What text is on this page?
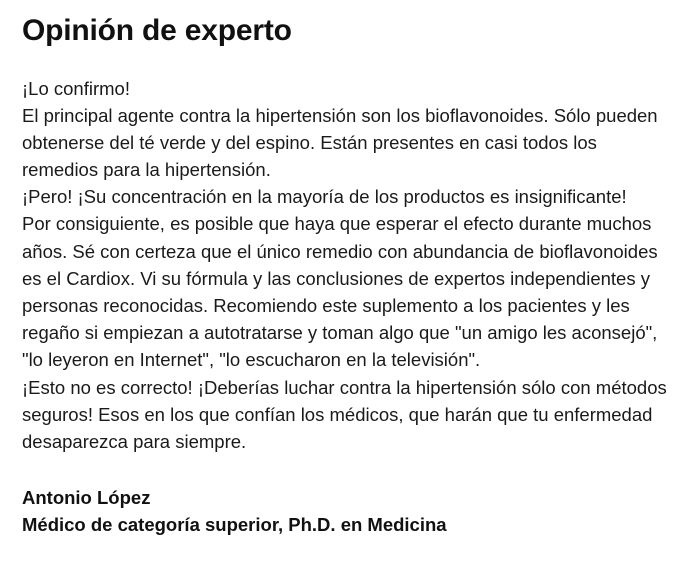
Opinión de experto

¡Lo confirmo!

El principal agente contra la hipertensión son los bioflavonoides. Sólo pueden obtenerse del té verde y del espino. Están presentes en casi todos los remedios para la hipertensión.

¡Pero! ¡Su concentración en la mayoría de los productos es insignificante!

Por consiguiente, es posible que haya que esperar el efecto durante muchos años. Sé con certeza que el único remedio con abundancia de bioflavonoides es el Cardiox. Vi su fórmula y las conclusiones de expertos independientes y personas reconocidas. Recomiendo este suplemento a los pacientes y les regaño si empiezan a autotratarse y toman algo que "un amigo les aconsejó", "lo leyeron en Internet", "lo escucharon en la televisión".

¡Esto no es correcto! ¡Deberías luchar contra la hipertensión sólo con métodos seguros! Esos en los que confían los médicos, que harán que tu enfermedad desaparezca para siempre.

Antonio López
Médico de categoría superior, Ph.D. en Medicina
